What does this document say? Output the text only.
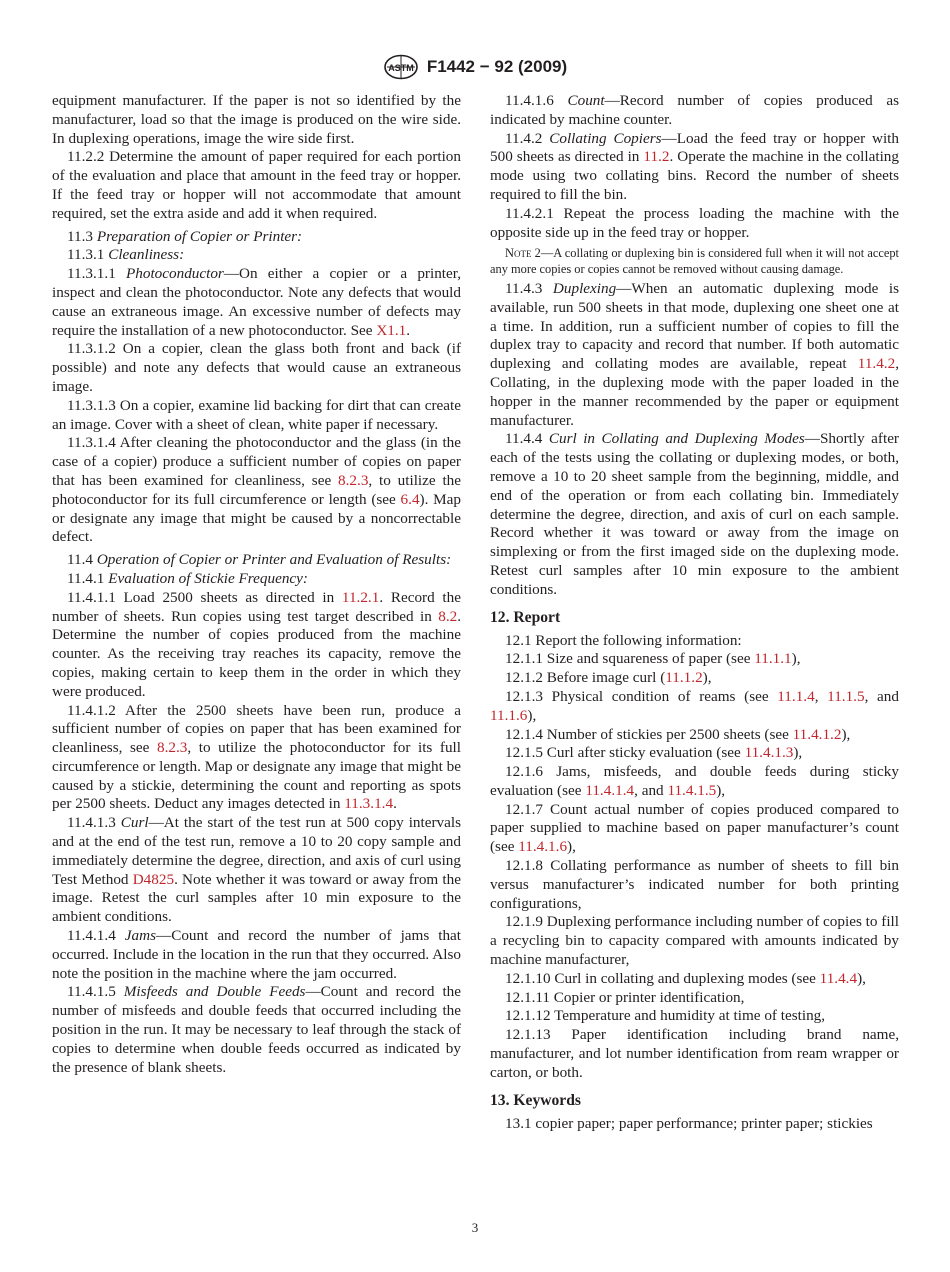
ASTM F1442 − 92 (2009)

equipment manufacturer. If the paper is not so identified by the manufacturer, load so that the image is produced on the wire side. In duplexing operations, image the wire side first.

11.2.2 Determine the amount of paper required for each portion of the evaluation and place that amount in the feed tray or hopper. If the feed tray or hopper will not accommodate that amount required, set the extra aside and add it when required.

11.3 Preparation of Copier or Printer:

11.3.1 Cleanliness:

11.3.1.1 Photoconductor—On either a copier or a printer, inspect and clean the photoconductor. Note any defects that would cause an extraneous image. An excessive number of defects may require the installation of a new photoconductor. See X1.1.

11.3.1.2 On a copier, clean the glass both front and back (if possible) and note any defects that would cause an extraneous image.

11.3.1.3 On a copier, examine lid backing for dirt that can create an image. Cover with a sheet of clean, white paper if necessary.

11.3.1.4 After cleaning the photoconductor and the glass (in the case of a copier) produce a sufficient number of copies on paper that has been examined for cleanliness, see 8.2.3, to utilize the photoconductor for its full circumference or length (see 6.4). Map or designate any image that might be caused by a noncorrectable defect.

11.4 Operation of Copier or Printer and Evaluation of Results:

11.4.1 Evaluation of Stickie Frequency:

11.4.1.1 Load 2500 sheets as directed in 11.2.1. Record the number of sheets. Run copies using test target described in 8.2. Determine the number of copies produced from the machine counter. As the receiving tray reaches its capacity, remove the copies, making certain to keep them in the order in which they were produced.

11.4.1.2 After the 2500 sheets have been run, produce a sufficient number of copies on paper that has been examined for cleanliness, see 8.2.3, to utilize the photoconductor for its full circumference or length. Map or designate any image that might be caused by a stickie, determining the count and reporting as spots per 2500 sheets. Deduct any images detected in 11.3.1.4.

11.4.1.3 Curl—At the start of the test run at 500 copy intervals and at the end of the test run, remove a 10 to 20 copy sample and immediately determine the degree, direction, and axis of curl using Test Method D4825. Note whether it was toward or away from the image. Retest the curl samples after 10 min exposure to the ambient conditions.

11.4.1.4 Jams—Count and record the number of jams that occurred. Include in the location in the run that they occurred. Also note the position in the machine where the jam occurred.

11.4.1.5 Misfeeds and Double Feeds—Count and record the number of misfeeds and double feeds that occurred including the position in the run. It may be necessary to leaf through the stack of copies to determine when double feeds occurred as indicated by the presence of blank sheets.

11.4.1.6 Count—Record number of copies produced as indicated by machine counter.

11.4.2 Collating Copiers—Load the feed tray or hopper with 500 sheets as directed in 11.2. Operate the machine in the collating mode using two collating bins. Record the number of sheets required to fill the bin.

11.4.2.1 Repeat the process loading the machine with the opposite side up in the feed tray or hopper.

Note 2—A collating or duplexing bin is considered full when it will not accept any more copies or copies cannot be removed without causing damage.

11.4.3 Duplexing—When an automatic duplexing mode is available, run 500 sheets in that mode, duplexing one sheet one at a time. In addition, run a sufficient number of copies to fill the duplex tray to capacity and record that number. If both automatic duplexing and collating modes are available, repeat 11.4.2, Collating, in the duplexing mode with the paper loaded in the hopper in the manner recommended by the paper or equipment manufacturer.

11.4.4 Curl in Collating and Duplexing Modes—Shortly after each of the tests using the collating or duplexing modes, or both, remove a 10 to 20 sheet sample from the beginning, middle, and end of the operation or from each collating bin. Immediately determine the degree, direction, and axis of curl on each sample. Record whether it was toward or away from the image on simplexing or from the first imaged side on the duplexing mode. Retest curl samples after 10 min exposure to the ambient conditions.

12. Report

12.1 Report the following information:

12.1.1 Size and squareness of paper (see 11.1.1),

12.1.2 Before image curl (11.1.2),

12.1.3 Physical condition of reams (see 11.1.4, 11.1.5, and 11.1.6),

12.1.4 Number of stickies per 2500 sheets (see 11.4.1.2),

12.1.5 Curl after sticky evaluation (see 11.4.1.3),

12.1.6 Jams, misfeeds, and double feeds during sticky evaluation (see 11.4.1.4, and 11.4.1.5),

12.1.7 Count actual number of copies produced compared to paper supplied to machine based on paper manufacturer’s count (see 11.4.1.6),

12.1.8 Collating performance as number of sheets to fill bin versus manufacturer’s indicated number for both printing configurations,

12.1.9 Duplexing performance including number of copies to fill a recycling bin to capacity compared with amounts indicated by machine manufacturer,

12.1.10 Curl in collating and duplexing modes (see 11.4.4),

12.1.11 Copier or printer identification,

12.1.12 Temperature and humidity at time of testing,

12.1.13 Paper identification including brand name, manufacturer, and lot number identification from ream wrapper or carton, or both.

13. Keywords

13.1 copier paper; paper performance; printer paper; stickies

3
